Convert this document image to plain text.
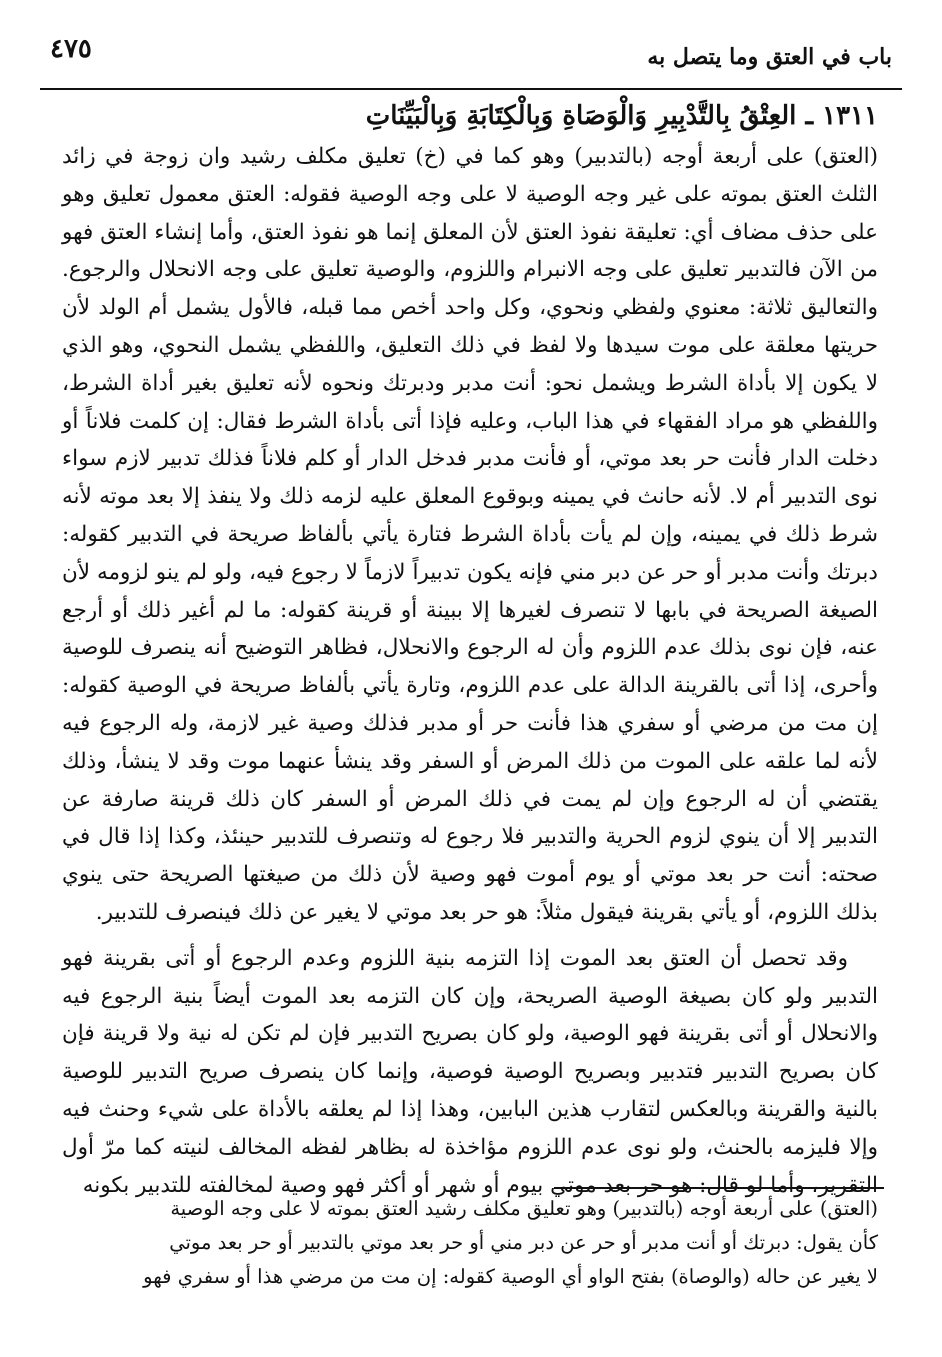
باب في العتق وما يتصل به
٤٧٥
١٣١١ ـ العِتْقُ بِالتَّدْبِيرِ وَالْوَصَاةِ وَبِالْكِتَابَةِ وَبِالْبَيِّنَاتِ

(العتق) على أربعة أوجه (بالتدبير) وهو كما في (خ) تعليق مكلف رشيد وان زوجة في زائد الثلث العتق بموته على غير وجه الوصية لا على وجه الوصية فقوله: العتق معمول تعليق وهو على حذف مضاف أي: تعليقة نفوذ العتق لأن المعلق إنما هو نفوذ العتق، وأما إنشاء العتق فهو من الآن فالتدبير تعليق على وجه الانبرام واللزوم، والوصية تعليق على وجه الانحلال والرجوع. والتعاليق ثلاثة: معنوي ولفظي ونحوي، وكل واحد أخص مما قبله، فالأول يشمل أم الولد لأن حريتها معلقة على موت سيدها ولا لفظ في ذلك التعليق، واللفظي يشمل النحوي، وهو الذي لا يكون إلا بأداة الشرط ويشمل نحو: أنت مدبر ودبرتك ونحوه لأنه تعليق بغير أداة الشرط، واللفظي هو مراد الفقهاء في هذا الباب، وعليه فإذا أتى بأداة الشرط فقال: إن كلمت فلاناً أو دخلت الدار فأنت حر بعد موتي، أو فأنت مدبر فدخل الدار أو كلم فلاناً فذلك تدبير لازم سواء نوى التدبير أم لا. لأنه حانث في يمينه وبوقوع المعلق عليه لزمه ذلك ولا ينفذ إلا بعد موته لأنه شرط ذلك في يمينه، وإن لم يأت بأداة الشرط فتارة يأتي بألفاظ صريحة في التدبير كقوله: دبرتك وأنت مدبر أو حر عن دبر مني فإنه يكون تدبيراً لازماً لا رجوع فيه، ولو لم ينو لزومه لأن الصيغة الصريحة في بابها لا تنصرف لغيرها إلا ببينة أو قرينة كقوله: ما لم أغير ذلك أو أرجع عنه، فإن نوى بذلك عدم اللزوم وأن له الرجوع والانحلال، فظاهر التوضيح أنه ينصرف للوصية وأحرى، إذا أتى بالقرينة الدالة على عدم اللزوم، وتارة يأتي بألفاظ صريحة في الوصية كقوله: إن مت من مرضي أو سفري هذا فأنت حر أو مدبر فذلك وصية غير لازمة، وله الرجوع فيه لأنه لما علقه على الموت من ذلك المرض أو السفر وقد ينشأ عنهما موت وقد لا ينشأ، وذلك يقتضي أن له الرجوع وإن لم يمت في ذلك المرض أو السفر كان ذلك قرينة صارفة عن التدبير إلا أن ينوي لزوم الحرية والتدبير فلا رجوع له وتنصرف للتدبير حينئذ، وكذا إذا قال في صحته: أنت حر بعد موتي أو يوم أموت فهو وصية لأن ذلك من صيغتها الصريحة حتى ينوي بذلك اللزوم، أو يأتي بقرينة فيقول مثلاً: هو حر بعد موتي لا يغير عن ذلك فينصرف للتدبير.

وقد تحصل أن العتق بعد الموت إذا التزمه بنية اللزوم وعدم الرجوع أو أتى بقرينة فهو التدبير ولو كان بصيغة الوصية الصريحة، وإن كان التزمه بعد الموت أيضاً بنية الرجوع فيه والانحلال أو أتى بقرينة فهو الوصية، ولو كان بصريح التدبير فإن لم تكن له نية ولا قرينة فإن كان بصريح التدبير فتدبير وبصريح الوصية فوصية، وإنما كان ينصرف صريح التدبير للوصية بالنية والقرينة وبالعكس لتقارب هذين البابين، وهذا إذا لم يعلقه بالأداة على شيء وحنث فيه وإلا فليزمه بالحنث، ولو نوى عدم اللزوم مؤاخذة له بظاهر لفظه المخالف لنيته كما مرّ أول التقرير، وأما لو قال: هو حر بعد موتي بيوم أو شهر أو أكثر فهو وصية لمخالفته للتدبير بكونه

(العتق) على أربعة أوجه (بالتدبير) وهو تعليق مكلف رشيد العتق بموته لا على وجه الوصية

كأن يقول: دبرتك أو أنت مدبر أو حر عن دبر مني أو حر بعد موتي بالتدبير أو حر بعد موتي

لا يغير عن حاله (والوصاة) بفتح الواو أي الوصية كقوله: إن مت من مرضي هذا أو سفري فهو
